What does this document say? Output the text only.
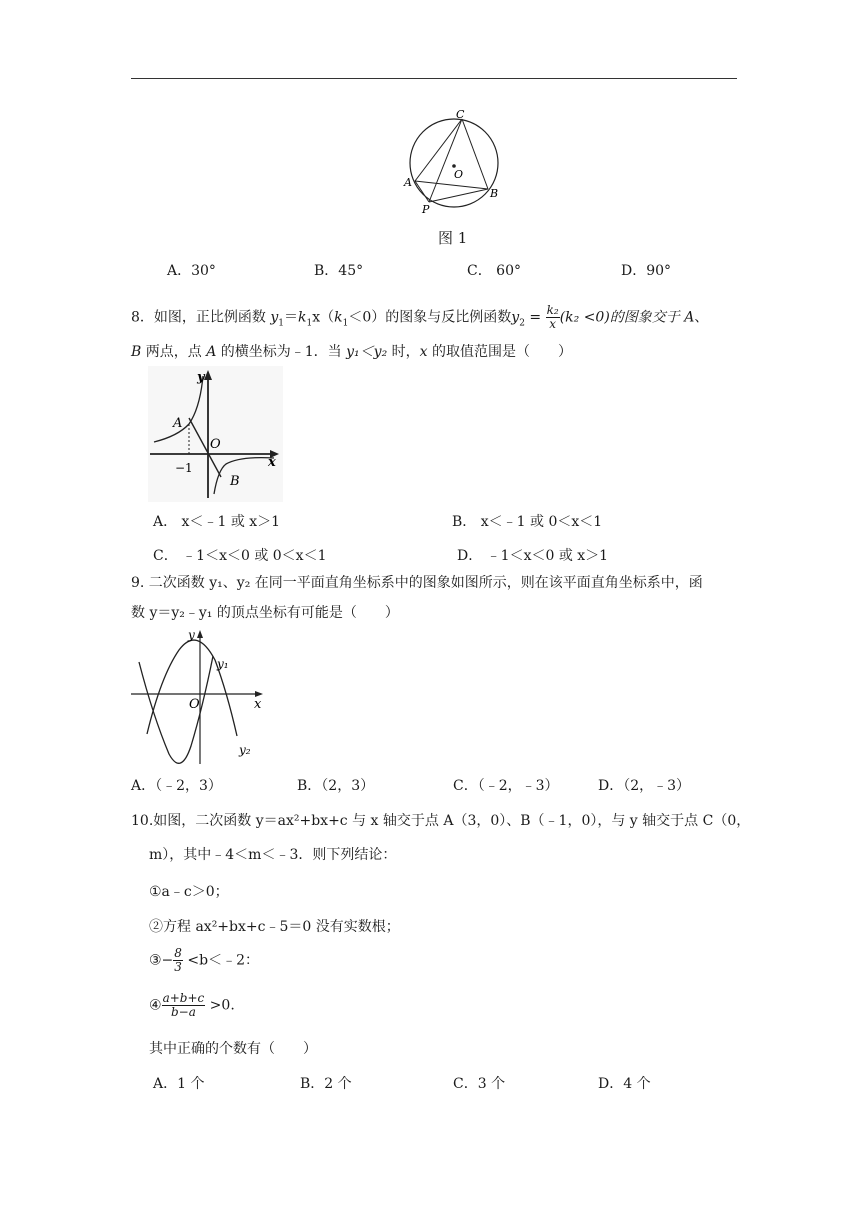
C
O
A
B
P
图 1
A．30°	B．45°	C． 60°	D．90°
8．如图，正比例函数 $y_1=k_1x(k_1<0)$的图象与反比例函数$y_2 = \frac{\text{k₂}}{x} (k_2 <0)$的图象交于 A、
B 两点，点 A 的横坐标为﹣1．当 y₁＜y₂ 时，x 的取值范围是（　　）
y
x
A
O
B
−1
A． x＜﹣1 或 x＞1	B． x＜﹣1 或 0＜x＜1
C． ﹣1＜x＜0 或 0＜x＜1	D． ﹣1＜x＜0 或 x＞1
9. 二次函数 y₁、y₂ 在同一平面直角坐标系中的图象如图所示，则在该平面直角坐标系中，函
数 y＝y₂﹣y₁ 的顶点坐标有可能是（　　）
y
x
O
y₁
y₂
A．（﹣2，3）	B．（2，3）	C．（﹣2，﹣3）	D．（2，﹣3）
10.如图，二次函数 y＝ax²+bx+c 与 x 轴交于点 A（3，0）、B（﹣1，0），与 y 轴交于点 C（0，
m），其中﹣4＜m＜﹣3．则下列结论：
①a﹣c＞0；
②方程 ax²+bx+c﹣5＝0 没有实数根；
③− $\frac{8}{3}$ <b＜﹣2：
④ $\frac{a+b+c}{b-a} >0$.
其中正确的个数有（　　）
A．1 个	B．2 个	C．3 个	D．4 个
